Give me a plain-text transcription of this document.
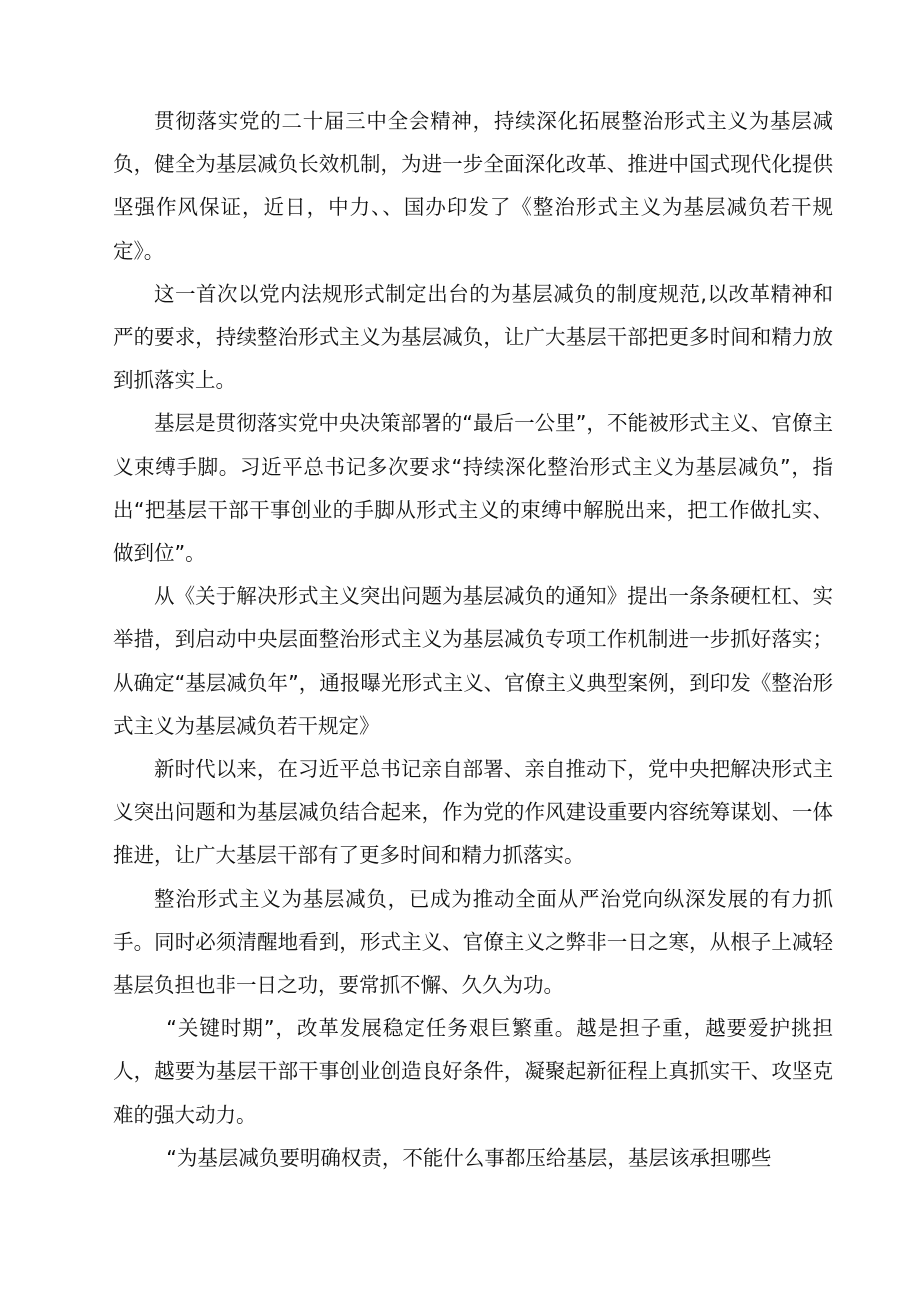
贯彻落实党的二十届三中全会精神，持续深化拓展整治形式主义为基层减负，健全为基层减负长效机制，为进一步全面深化改革、推进中国式现代化提供坚强作风保证，近日，中力、、国办印发了《整治形式主义为基层减负若干规定》。

这一首次以党内法规形式制定出台的为基层减负的制度规范,以改革精神和严的要求，持续整治形式主义为基层减负，让广大基层干部把更多时间和精力放到抓落实上。

基层是贯彻落实党中央决策部署的“最后一公里”，不能被形式主义、官僚主义束缚手脚。习近平总书记多次要求“持续深化整治形式主义为基层减负”，指出“把基层干部干事创业的手脚从形式主义的束缚中解脱出来，把工作做扎实、做到位”。

从《关于解决形式主义突出问题为基层减负的通知》提出一条条硬杠杠、实举措，到启动中央层面整治形式主义为基层减负专项工作机制进一步抓好落实；从确定“基层减负年”，通报曝光形式主义、官僚主义典型案例，到印发《整治形式主义为基层减负若干规定》

新时代以来，在习近平总书记亲自部署、亲自推动下，党中央把解决形式主义突出问题和为基层减负结合起来，作为党的作风建设重要内容统筹谋划、一体推进，让广大基层干部有了更多时间和精力抓落实。

整治形式主义为基层减负，已成为推动全面从严治党向纵深发展的有力抓手。同时必须清醒地看到，形式主义、官僚主义之弊非一日之寒，从根子上减轻基层负担也非一日之功，要常抓不懈、久久为功。

“关键时期”，改革发展稳定任务艰巨繁重。越是担子重，越要爱护挑担人，越要为基层干部干事创业创造良好条件，凝聚起新征程上真抓实干、攻坚克难的强大动力。

“为基层减负要明确权责，不能什么事都压给基层，基层该承担哪些
